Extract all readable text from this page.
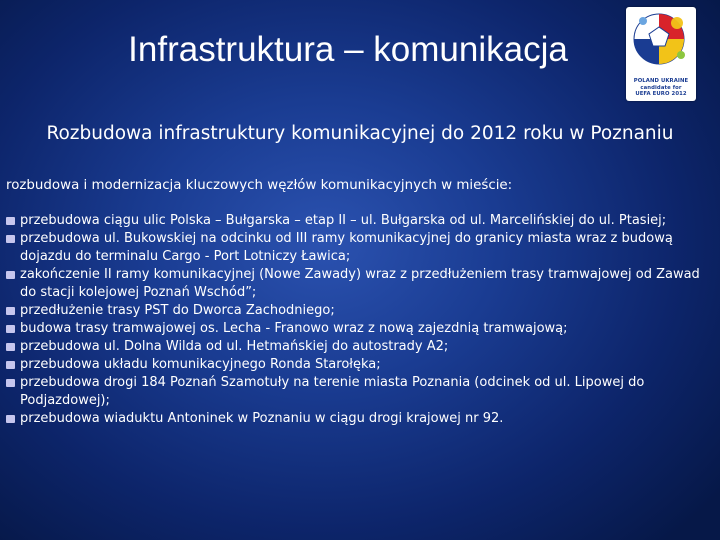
Infrastruktura – komunikacja
POLAND UKRAINE
candidate for
UEFA EURO 2012
Rozbudowa infrastruktury komunikacyjnej do 2012 roku w Poznaniu
rozbudowa i modernizacja kluczowych węzłów komunikacyjnych w mieście:
przebudowa ciągu ulic Polska – Bułgarska – etap II – ul. Bułgarska od ul. Marcelińskiej do ul. Ptasiej;
przebudowa ul. Bukowskiej na odcinku od III ramy komunikacyjnej do granicy miasta wraz z budową dojazdu do terminalu Cargo - Port Lotniczy Ławica;
zakończenie II ramy komunikacyjnej (Nowe Zawady) wraz z przedłużeniem trasy tramwajowej od Zawad do stacji kolejowej Poznań Wschód”;
przedłużenie trasy PST do Dworca Zachodniego;
budowa trasy tramwajowej os. Lecha - Franowo wraz z nową zajezdnią tramwajową;
przebudowa ul. Dolna Wilda od ul. Hetmańskiej do autostrady A2;
przebudowa układu komunikacyjnego Ronda Starołęka;
przebudowa drogi 184 Poznań Szamotuły na terenie miasta Poznania (odcinek od ul. Lipowej do Podjazdowej);
przebudowa wiaduktu Antoninek w Poznaniu w ciągu drogi krajowej nr 92.
